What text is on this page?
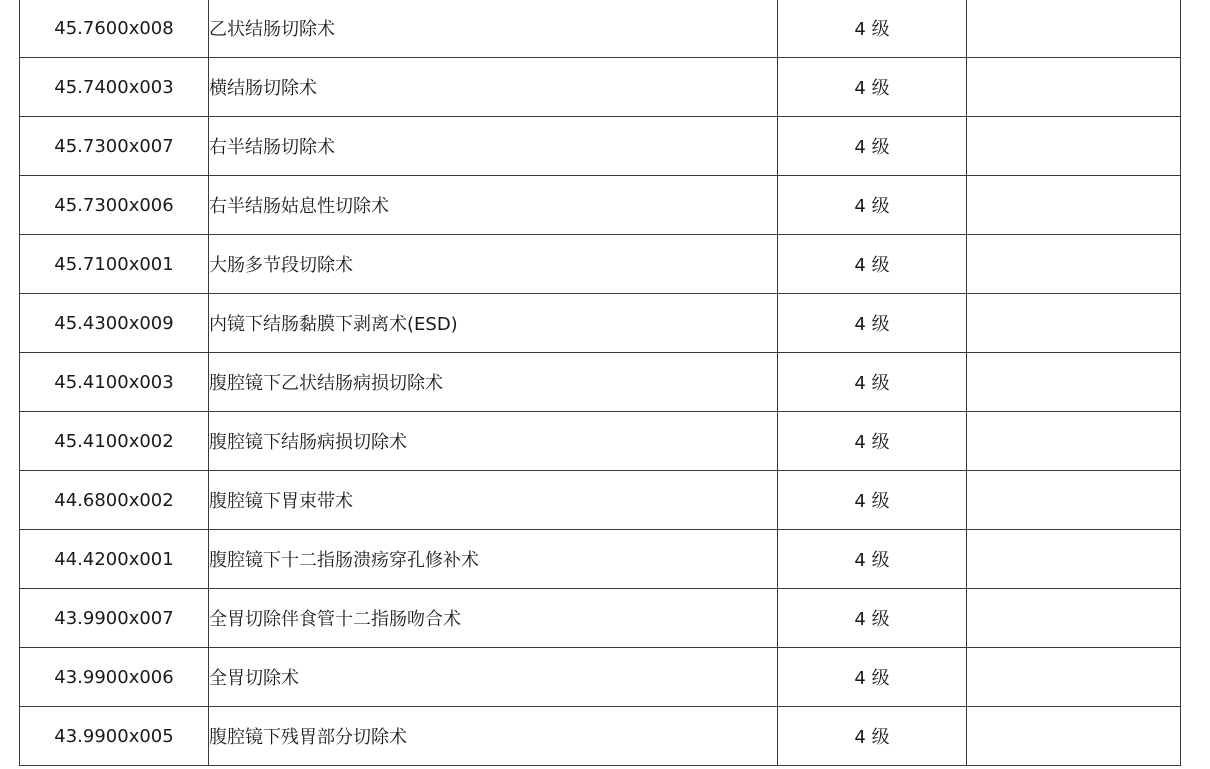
45.7600x008	乙状结肠切除术	4 级	
45.7400x003	横结肠切除术	4 级	
45.7300x007	右半结肠切除术	4 级	
45.7300x006	右半结肠姑息性切除术	4 级	
45.7100x001	大肠多节段切除术	4 级	
45.4300x009	内镜下结肠黏膜下剥离术(ESD)	4 级	
45.4100x003	腹腔镜下乙状结肠病损切除术	4 级	
45.4100x002	腹腔镜下结肠病损切除术	4 级	
44.6800x002	腹腔镜下胃束带术	4 级	
44.4200x001	腹腔镜下十二指肠溃疡穿孔修补术	4 级	
43.9900x007	全胃切除伴食管十二指肠吻合术	4 级	
43.9900x006	全胃切除术	4 级	
43.9900x005	腹腔镜下残胃部分切除术	4 级	
